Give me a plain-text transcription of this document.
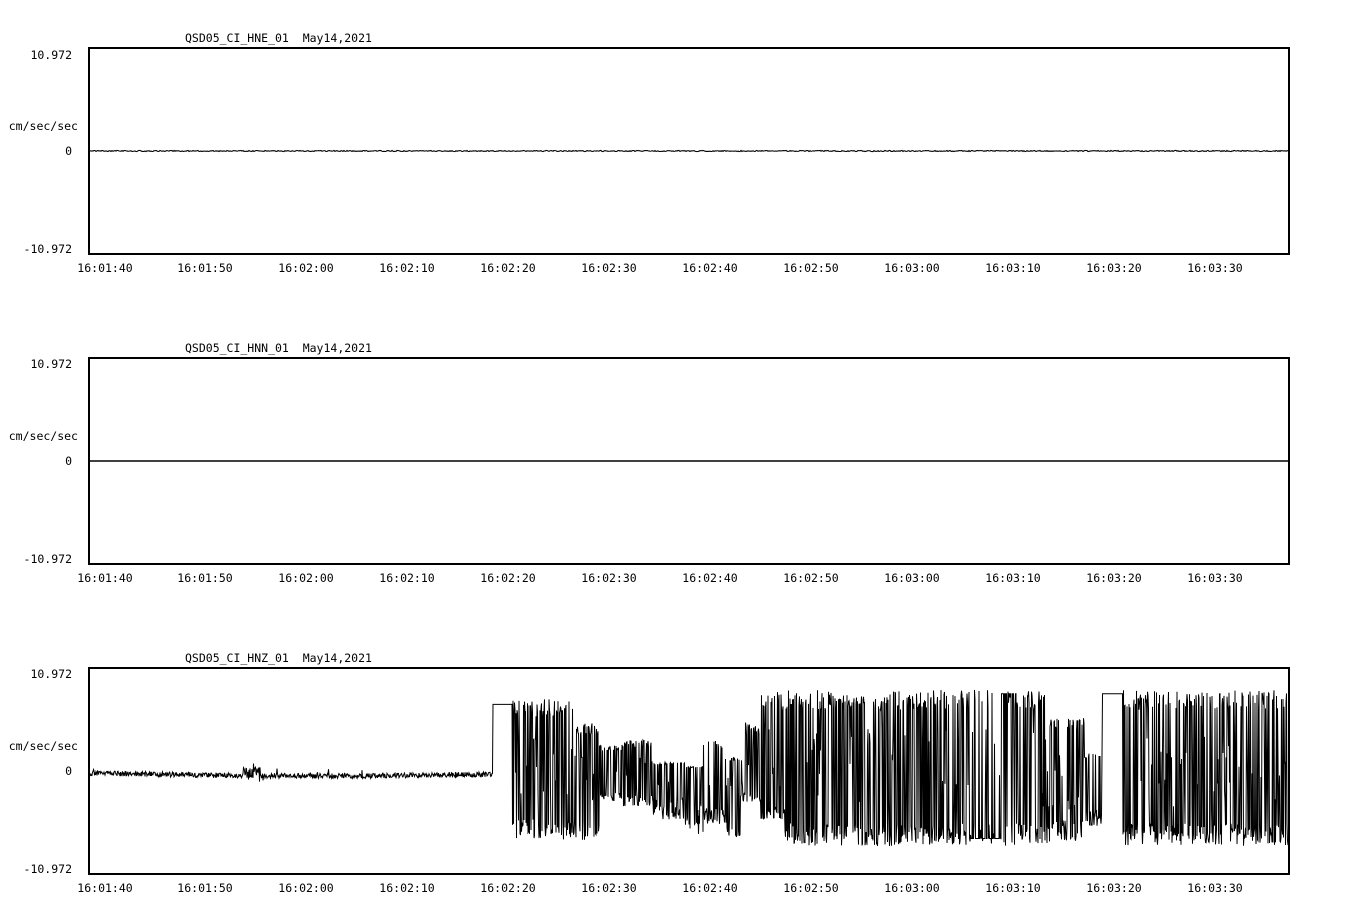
QSD05_CI_HNE_01  May14,2021
10.972
cm/sec/sec
0
-10.972
16:01:40	16:01:50	16:02:00	16:02:10	16:02:20	16:02:30	16:02:40	16:02:50	16:03:00	16:03:10	16:03:20	16:03:30
QSD05_CI_HNN_01  May14,2021
10.972
cm/sec/sec
0
-10.972
16:01:40	16:01:50	16:02:00	16:02:10	16:02:20	16:02:30	16:02:40	16:02:50	16:03:00	16:03:10	16:03:20	16:03:30
QSD05_CI_HNZ_01  May14,2021
10.972
cm/sec/sec
0
-10.972
16:01:40	16:01:50	16:02:00	16:02:10	16:02:20	16:02:30	16:02:40	16:02:50	16:03:00	16:03:10	16:03:20	16:03:30
